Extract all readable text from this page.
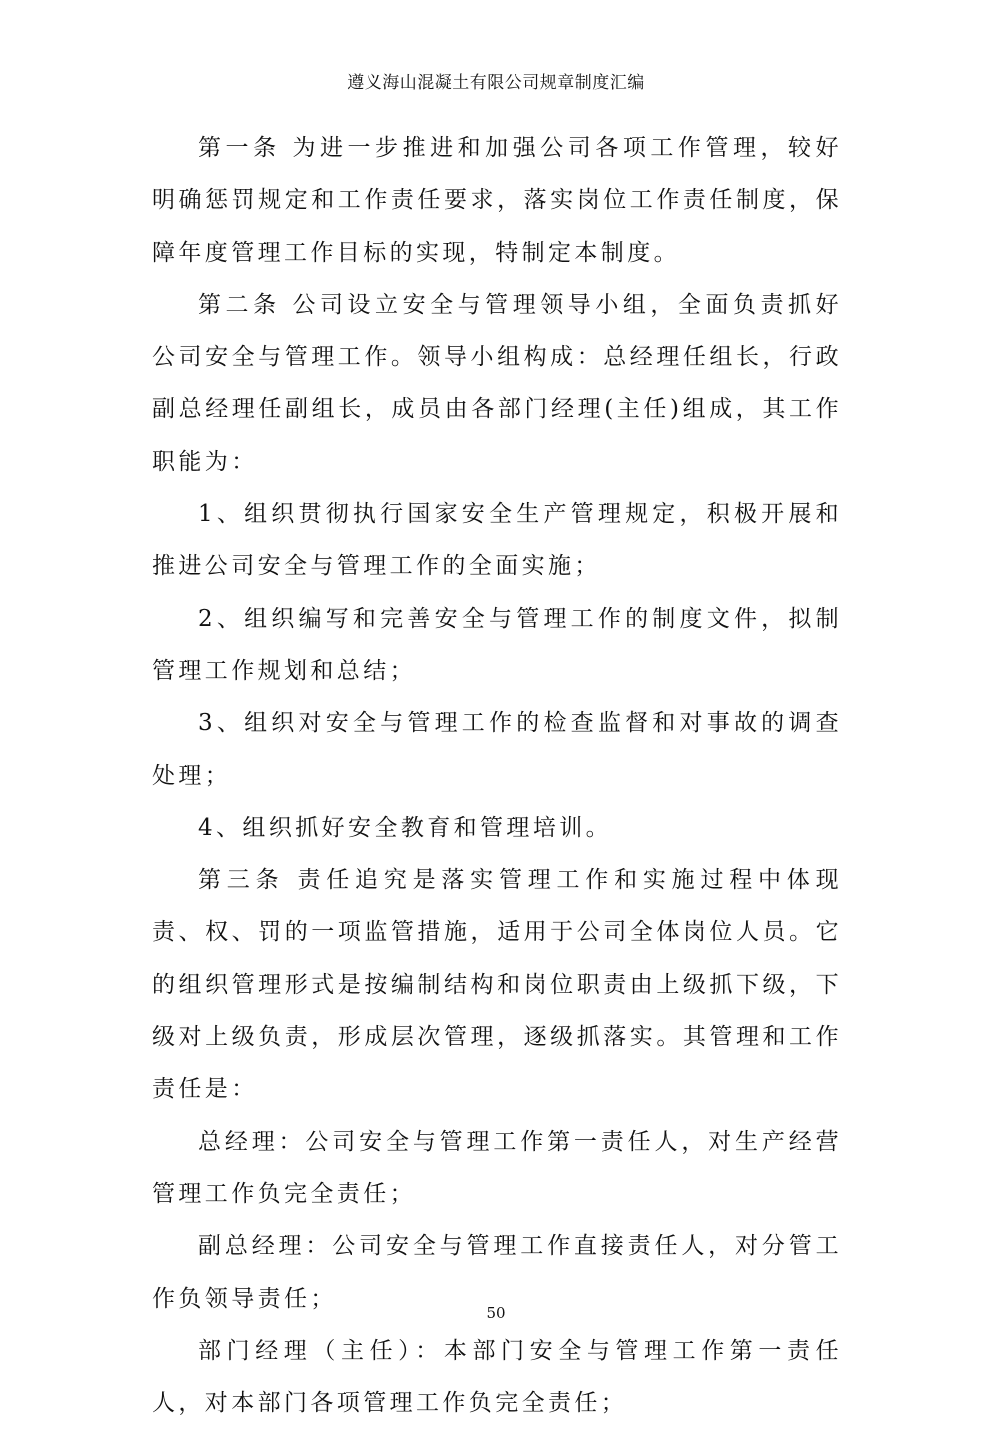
遵义海山混凝土有限公司规章制度汇编

第一条 为进一步推进和加强公司各项工作管理，较好明确惩罚规定和工作责任要求，落实岗位工作责任制度，保障年度管理工作目标的实现，特制定本制度。

第二条 公司设立安全与管理领导小组，全面负责抓好公司安全与管理工作。领导小组构成：总经理任组长，行政副总经理任副组长，成员由各部门经理(主任)组成，其工作职能为：

1、组织贯彻执行国家安全生产管理规定，积极开展和推进公司安全与管理工作的全面实施；

2、组织编写和完善安全与管理工作的制度文件，拟制管理工作规划和总结；

3、组织对安全与管理工作的检查监督和对事故的调查处理；

4、组织抓好安全教育和管理培训。

第三条 责任追究是落实管理工作和实施过程中体现责、权、罚的一项监管措施，适用于公司全体岗位人员。它的组织管理形式是按编制结构和岗位职责由上级抓下级，下级对上级负责，形成层次管理，逐级抓落实。其管理和工作责任是：

总经理：公司安全与管理工作第一责任人，对生产经营管理工作负完全责任；

副总经理：公司安全与管理工作直接责任人，对分管工作负领导责任；

部门经理（主任）：本部门安全与管理工作第一责任人，对本部门各项管理工作负完全责任；

50
